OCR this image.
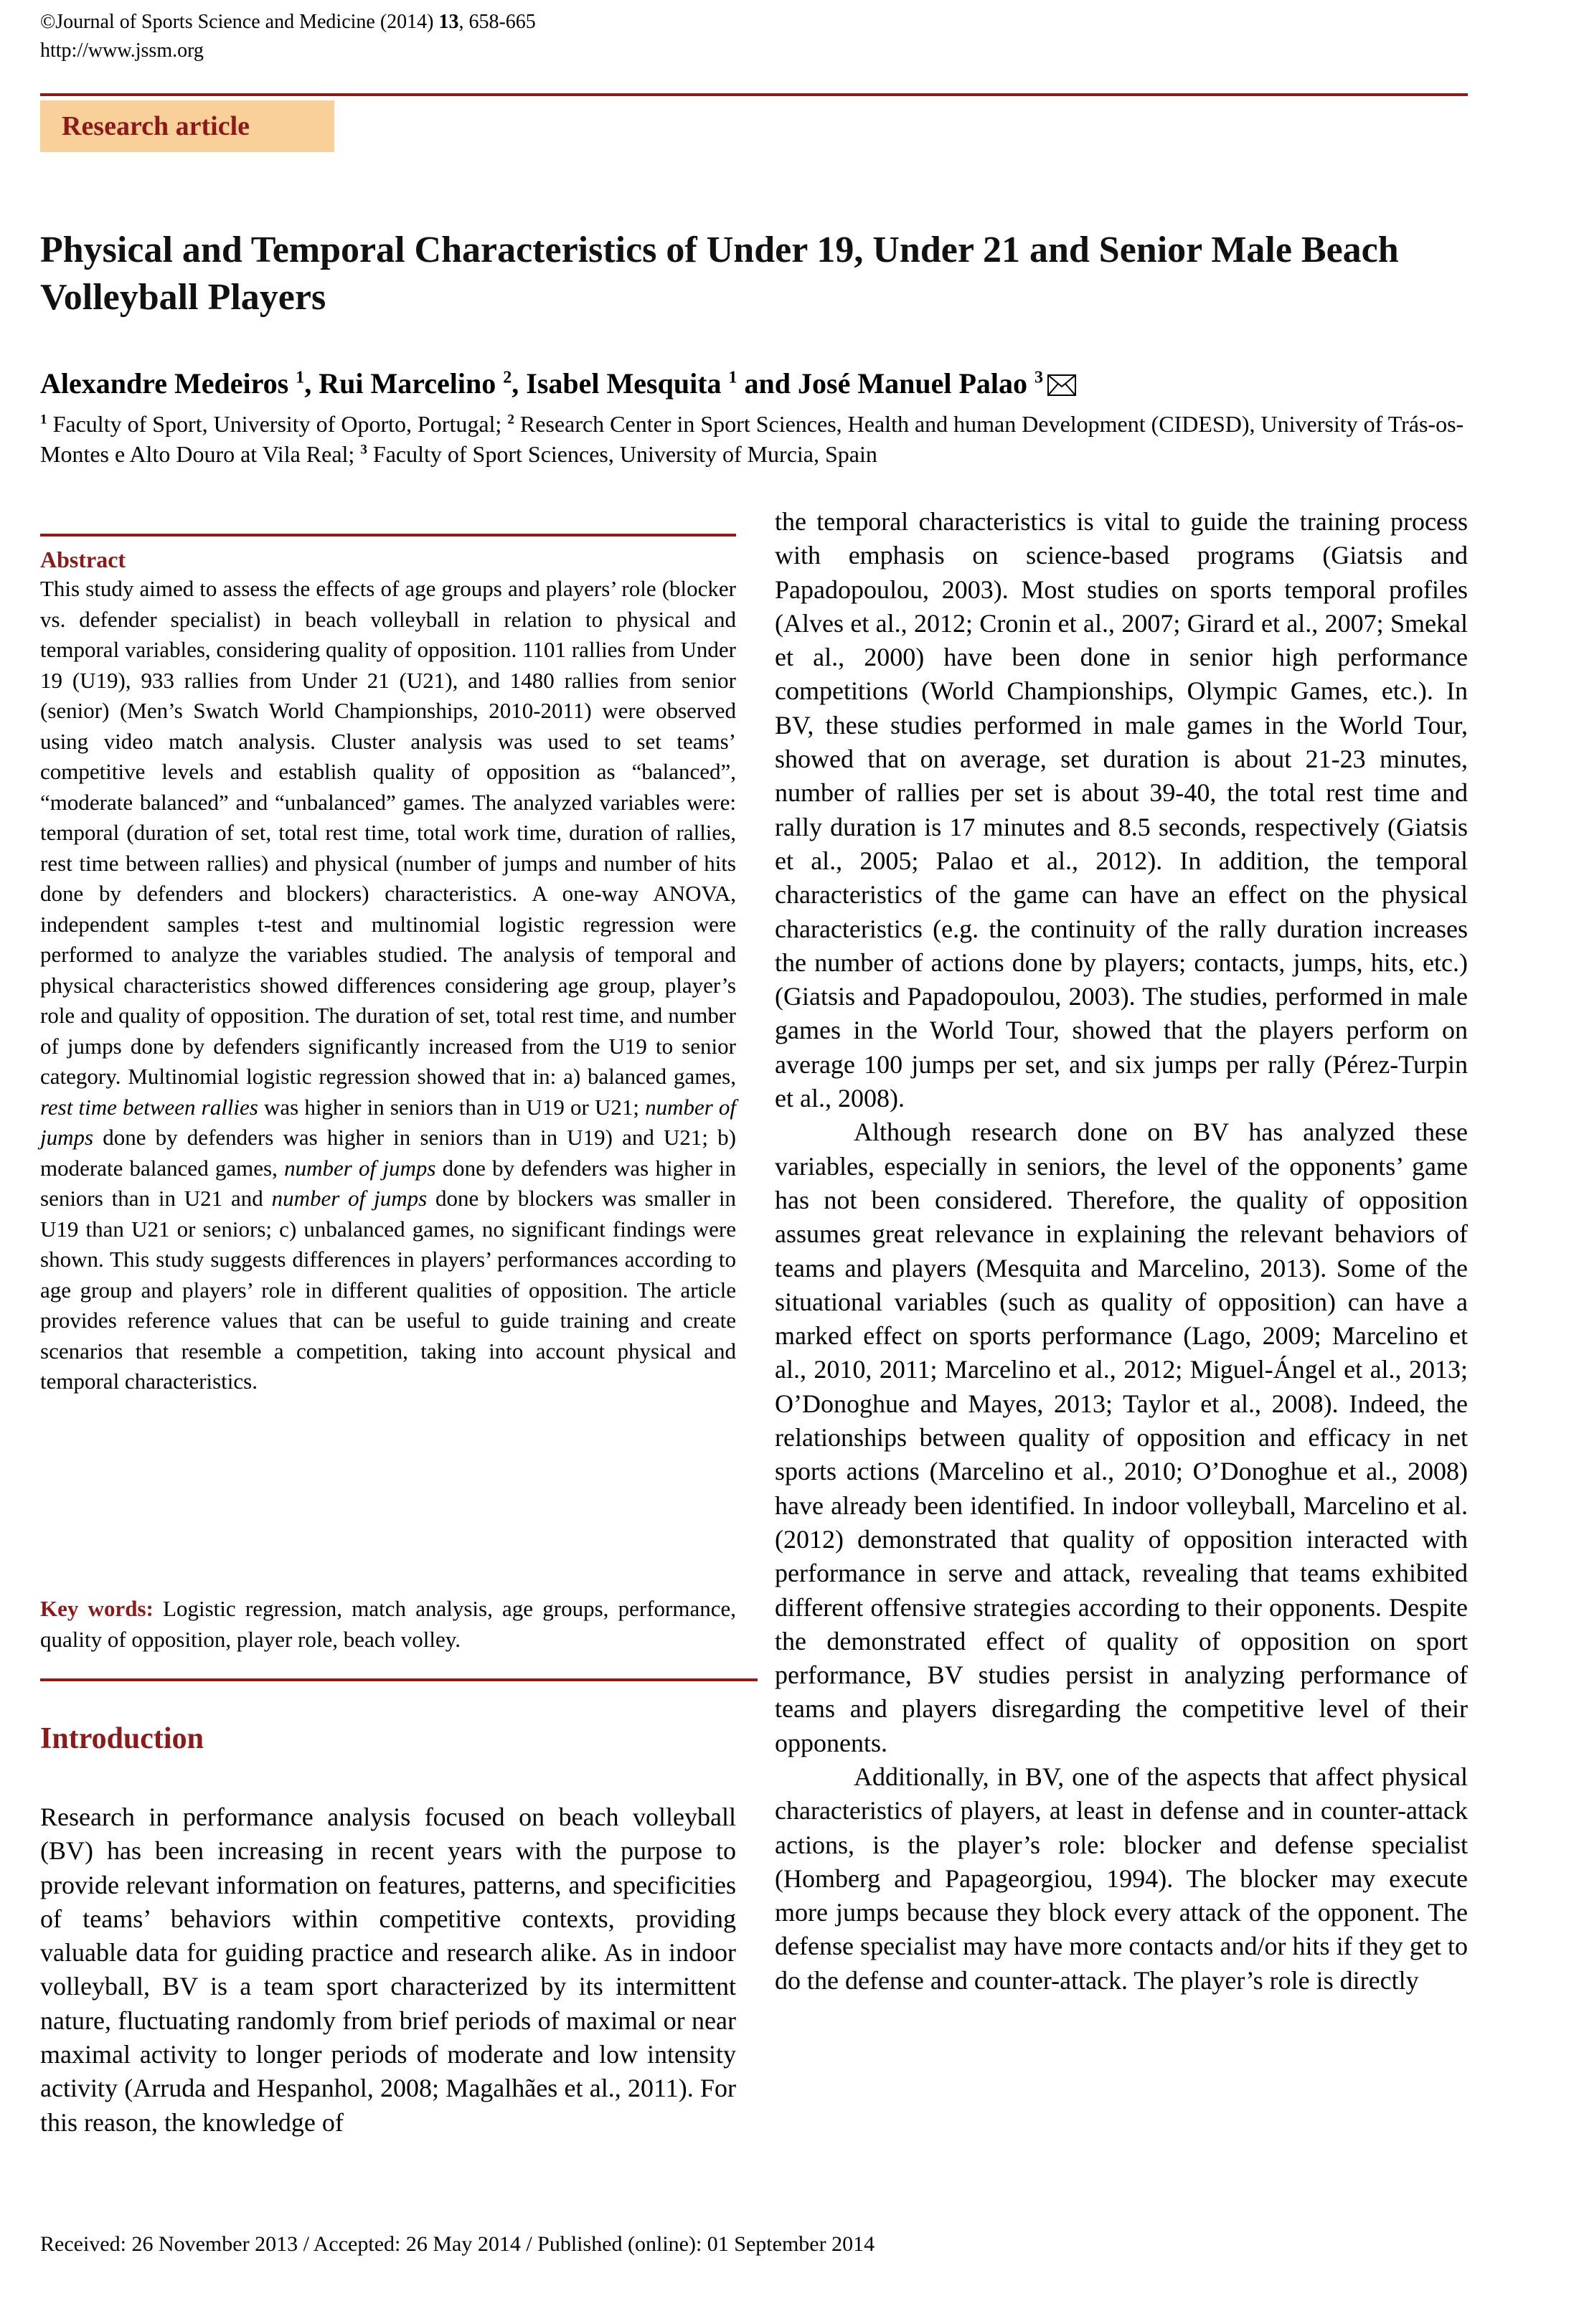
©Journal of Sports Science and Medicine (2014) 13, 658-665
http://www.jssm.org
Research article
Physical and Temporal Characteristics of Under 19, Under 21 and Senior Male Beach Volleyball Players
Alexandre Medeiros $^1$, Rui Marcelino $^2$, Isabel Mesquita $^1$ and José Manuel Palao $^3$
$^1$ Faculty of Sport, University of Oporto, Portugal; $^2$ Research Center in Sport Sciences, Health and human Development (CIDESD), University of Trás-os-Montes e Alto Douro at Vila Real; $^3$ Faculty of Sport Sciences, University of Murcia, Spain
Abstract

This study aimed to assess the effects of age groups and players’ role (blocker vs. defender specialist) in beach volleyball in relation to physical and temporal variables, considering quality of opposition. 1101 rallies from Under 19 (U19), 933 rallies from Under 21 (U21), and 1480 rallies from senior (senior) (Men’s Swatch World Championships, 2010-2011) were observed using video match analysis. Cluster analysis was used to set teams’ competitive levels and establish quality of opposition as “balanced”, “moderate balanced” and “unbalanced” games. The analyzed variables were: temporal (duration of set, total rest time, total work time, duration of rallies, rest time between rallies) and physical (number of jumps and number of hits done by defenders and blockers) characteristics. A one-way ANOVA, independent samples t-test and multinomial logistic regression were performed to analyze the variables studied. The analysis of temporal and physical characteristics showed differences considering age group, player’s role and quality of opposition. The duration of set, total rest time, and number of jumps done by defenders significantly increased from the U19 to senior category. Multinomial logistic regression showed that in: a) balanced games, rest time between rallies was higher in seniors than in U19 or U21; number of jumps done by defenders was higher in seniors than in U19) and U21; b) moderate balanced games, number of jumps done by defenders was higher in seniors than in U21 and number of jumps done by blockers was smaller in U19 than U21 or seniors; c) unbalanced games, no significant findings were shown. This study suggests differences in players’ performances according to age group and players’ role in different qualities of opposition. The article provides reference values that can be useful to guide training and create scenarios that resemble a competition, taking into account physical and temporal characteristics.

Key words: Logistic regression, match analysis, age groups, performance, quality of opposition, player role, beach volley.

Introduction

Research in performance analysis focused on beach volleyball (BV) has been increasing in recent years with the purpose to provide relevant information on features, patterns, and specificities of teams’ behaviors within competitive contexts, providing valuable data for guiding practice and research alike. As in indoor volleyball, BV is a team sport characterized by its intermittent nature, fluctuating randomly from brief periods of maximal or near maximal activity to longer periods of moderate and low intensity activity (Arruda and Hespanhol, 2008; Magalhães et al., 2011). For this reason, the knowledge of

the temporal characteristics is vital to guide the training process with emphasis on science-based programs (Giatsis and Papadopoulou, 2003). Most studies on sports temporal profiles (Alves et al., 2012; Cronin et al., 2007; Girard et al., 2007; Smekal et al., 2000) have been done in senior high performance competitions (World Championships, Olympic Games, etc.). In BV, these studies performed in male games in the World Tour, showed that on average, set duration is about 21-23 minutes, number of rallies per set is about 39-40, the total rest time and rally duration is 17 minutes and 8.5 seconds, respectively (Giatsis et al., 2005; Palao et al., 2012). In addition, the temporal characteristics of the game can have an effect on the physical characteristics (e.g. the continuity of the rally duration increases the number of actions done by players; contacts, jumps, hits, etc.) (Giatsis and Papadopoulou, 2003). The studies, performed in male games in the World Tour, showed that the players perform on average 100 jumps per set, and six jumps per rally (Pérez-Turpin et al., 2008).

Although research done on BV has analyzed these variables, especially in seniors, the level of the opponents’ game has not been considered. Therefore, the quality of opposition assumes great relevance in explaining the relevant behaviors of teams and players (Mesquita and Marcelino, 2013). Some of the situational variables (such as quality of opposition) can have a marked effect on sports performance (Lago, 2009; Marcelino et al., 2010, 2011; Marcelino et al., 2012; Miguel-Ángel et al., 2013; O’Donoghue and Mayes, 2013; Taylor et al., 2008). Indeed, the relationships between quality of opposition and efficacy in net sports actions (Marcelino et al., 2010; O’Donoghue et al., 2008) have already been identified. In indoor volleyball, Marcelino et al. (2012) demonstrated that quality of opposition interacted with performance in serve and attack, revealing that teams exhibited different offensive strategies according to their opponents. Despite the demonstrated effect of quality of opposition on sport performance, BV studies persist in analyzing performance of teams and players disregarding the competitive level of their opponents.

Additionally, in BV, one of the aspects that affect physical characteristics of players, at least in defense and in counter-attack actions, is the player’s role: blocker and defense specialist (Homberg and Papageorgiou, 1994). The blocker may execute more jumps because they block every attack of the opponent. The defense specialist may have more contacts and/or hits if they get to do the defense and counter-attack. The player’s role is directly

Received: 26 November 2013 / Accepted: 26 May 2014 / Published (online): 01 September 2014
